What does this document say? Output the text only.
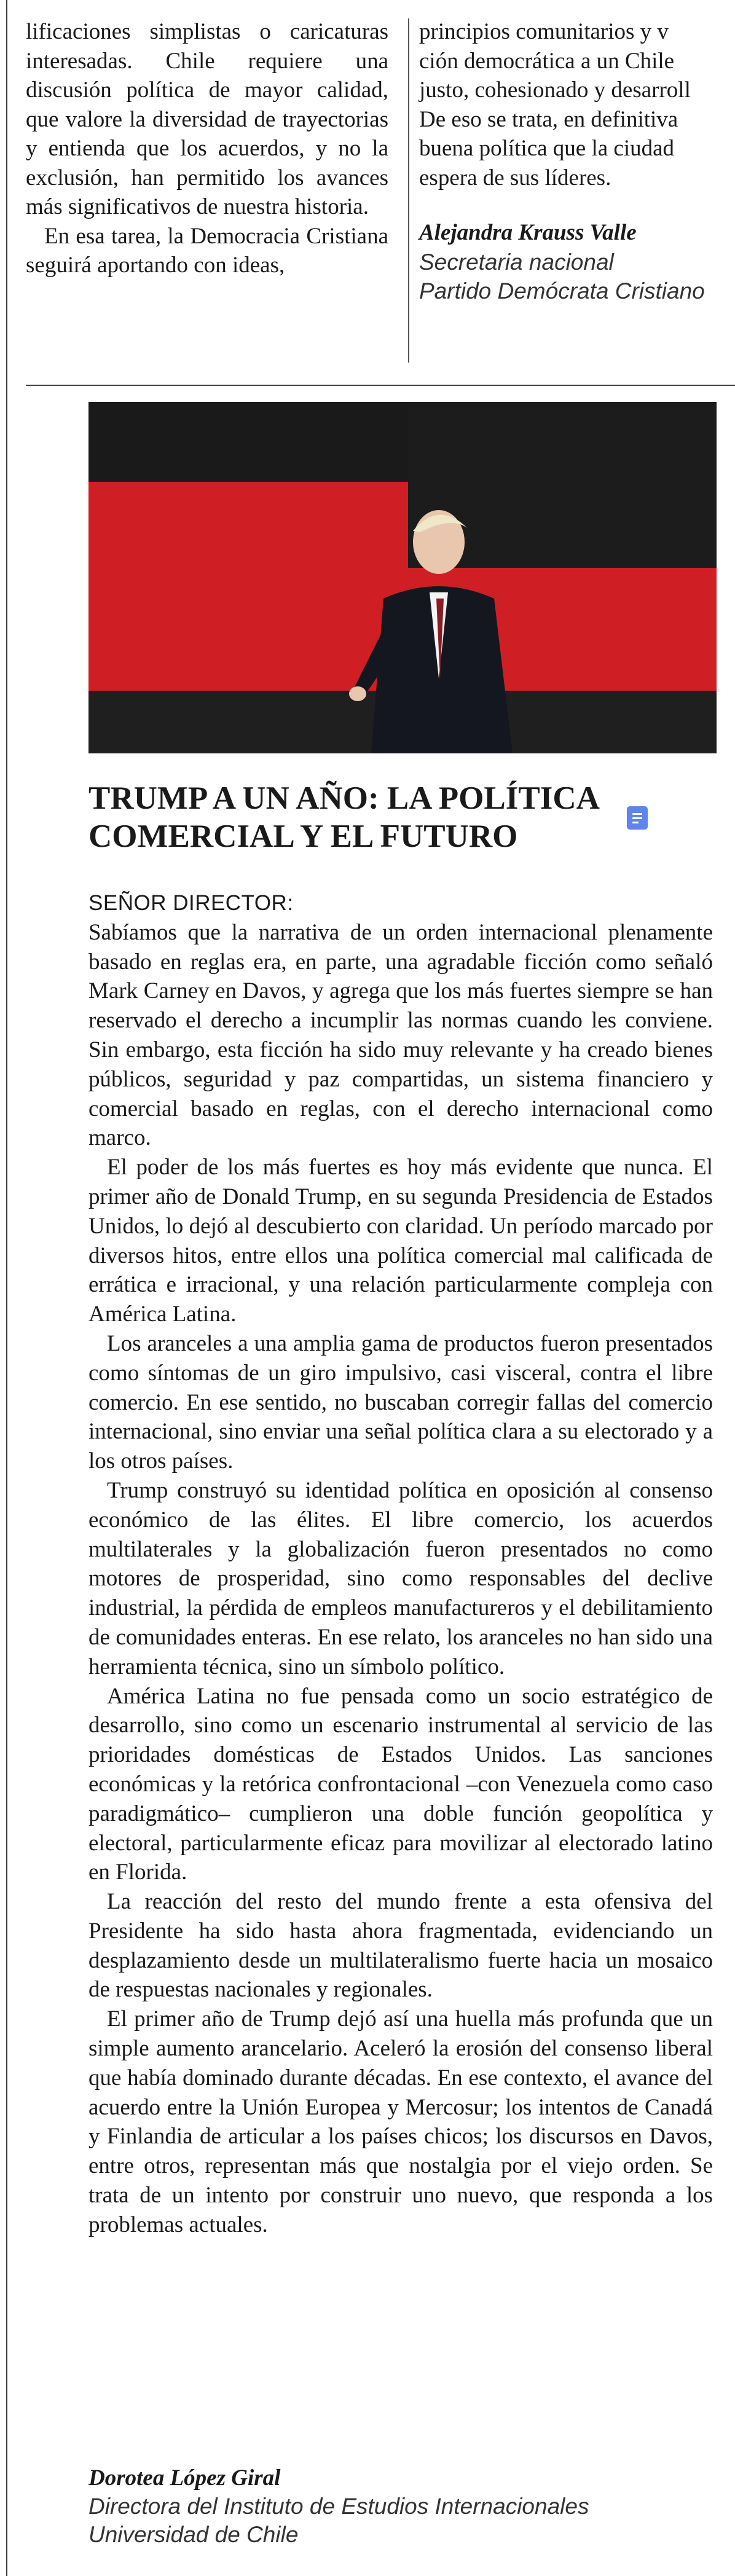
lificaciones simplistas o caricaturas interesadas. Chile requiere una discusión política de mayor calidad, que valore la diversidad de trayectorias y entienda que los acuerdos, y no la exclusión, han permitido los avances más significativos de nuestra historia.

En esa tarea, la Democracia Cristiana seguirá aportando con ideas,

principios comunitarios y v

ción democrática a un Chile

justo, cohesionado y desarroll

De eso se trata, en definitiva

buena política que la ciudad

espera de sus líderes.

Alejandra Krauss Valle

Secretaria nacional

Partido Demócrata Cristiano

TRUMP A UN AÑO: LA POLÍTICA COMERCIAL Y EL FUTURO

SEÑOR DIRECTOR:

Sabíamos que la narrativa de un orden internacional plenamente basado en reglas era, en parte, una agradable ficción como señaló Mark Carney en Davos, y agrega que los más fuertes siempre se han reservado el derecho a incumplir las normas cuando les conviene. Sin embargo, esta ficción ha sido muy relevante y ha creado bienes públicos, seguridad y paz compartidas, un sistema financiero y comercial basado en reglas, con el derecho internacional como marco.

El poder de los más fuertes es hoy más evidente que nunca. El primer año de Donald Trump, en su segunda Presidencia de Estados Unidos, lo dejó al descubierto con claridad. Un período marcado por diversos hitos, entre ellos una política comercial mal calificada de errática e irracional, y una relación particularmente compleja con América Latina.

Los aranceles a una amplia gama de productos fueron presentados como síntomas de un giro impulsivo, casi visceral, contra el libre comercio. En ese sentido, no buscaban corregir fallas del comercio internacional, sino enviar una señal política clara a su electorado y a los otros países.

Trump construyó su identidad política en oposición al consenso económico de las élites. El libre comercio, los acuerdos multilaterales y la globalización fueron presentados no como motores de prosperidad, sino como responsables del declive industrial, la pérdida de empleos manufactureros y el debilitamiento de comunidades enteras. En ese relato, los aranceles no han sido una herramienta técnica, sino un símbolo político.

América Latina no fue pensada como un socio estratégico de desarrollo, sino como un escenario instrumental al servicio de las prioridades domésticas de Estados Unidos. Las sanciones económicas y la retórica confrontacional –con Venezuela como caso paradigmático– cumplieron una doble función geopolítica y electoral, particularmente eficaz para movilizar al electorado latino en Florida.

La reacción del resto del mundo frente a esta ofensiva del Presidente ha sido hasta ahora fragmentada, evidenciando un desplazamiento desde un multilateralismo fuerte hacia un mosaico de respuestas nacionales y regionales.

El primer año de Trump dejó así una huella más profunda que un simple aumento arancelario. Aceleró la erosión del consenso liberal que había dominado durante décadas. En ese contexto, el avance del acuerdo entre la Unión Europea y Mercosur; los intentos de Canadá y Finlandia de articular a los países chicos; los discursos en Davos, entre otros, representan más que nostalgia por el viejo orden. Se trata de un intento por construir uno nuevo, que responda a los problemas actuales.

Dorotea López Giral

Directora del Instituto de Estudios Internacionales

Universidad de Chile
